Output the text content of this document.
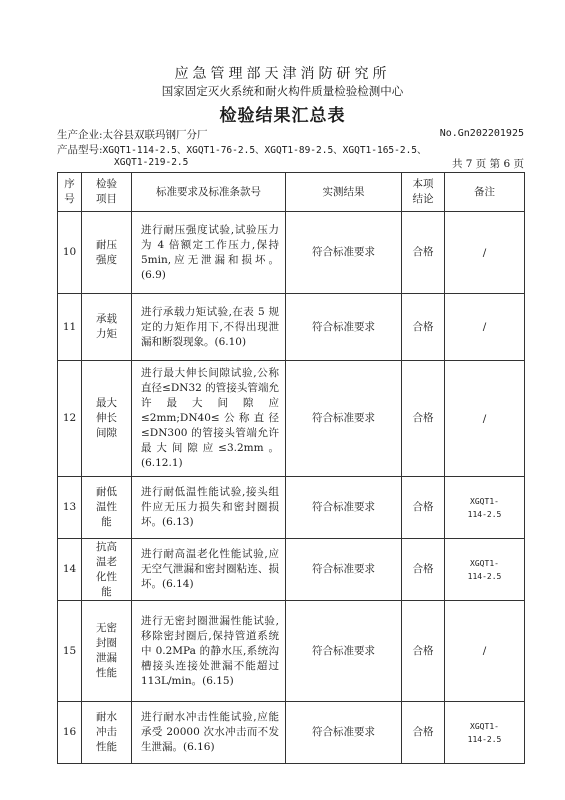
应急管理部天津消防研究所
国家固定灭火系统和耐火构件质量检验检测中心
检验结果汇总表
生产企业:太谷县双联玛钢厂分厂	No.Gn202201925
产品型号:XGQT1-114-2.5、XGQT1-76-2.5、XGQT1-89-2.5、XGQT1-165-2.5、
XGQT1-219-2.5	共 7 页 第 6 页
序号	检验项目	标准要求及标准条款号	实测结果	本项结论	备注
10	耐压强度	进行耐压强度试验,试验压力为 4 倍额定工作压力,保持 5min,应无泄漏和损坏。(6.9)	符合标准要求	合格	/
11	承载力矩	进行承载力矩试验,在表 5 规定的力矩作用下,不得出现泄漏和断裂现象。(6.10)	符合标准要求	合格	/
12	最大伸长间隙	进行最大伸长间隙试验,公称直径≤DN32 的管接头管端允许最大间隙应≤2mm;DN40≤公称直径≤DN300 的管接头管端允许最大间隙应≤3.2mm。(6.12.1)	符合标准要求	合格	/
13	耐低温性能	进行耐低温性能试验,接头组件应无压力损失和密封圈损坏。(6.13)	符合标准要求	合格	XGQT1-114-2.5

14	抗高温老化性能	进行耐高温老化性能试验,应无空气泄漏和密封圈粘连、损坏。(6.14)	符合标准要求	合格	XGQT1-114-2.5

15	无密封圈泄漏性能	进行无密封圈泄漏性能试验,移除密封圈后,保持管道系统中 0.2MPa 的静水压,系统沟槽接头连接处泄漏不能超过 113L/min。(6.15)	符合标准要求	合格	/
16	耐水冲击性能	进行耐水冲击性能试验,应能承受 20000 次水冲击而不发生泄漏。(6.16)	符合标准要求	合格	XGQT1-114-2.5
